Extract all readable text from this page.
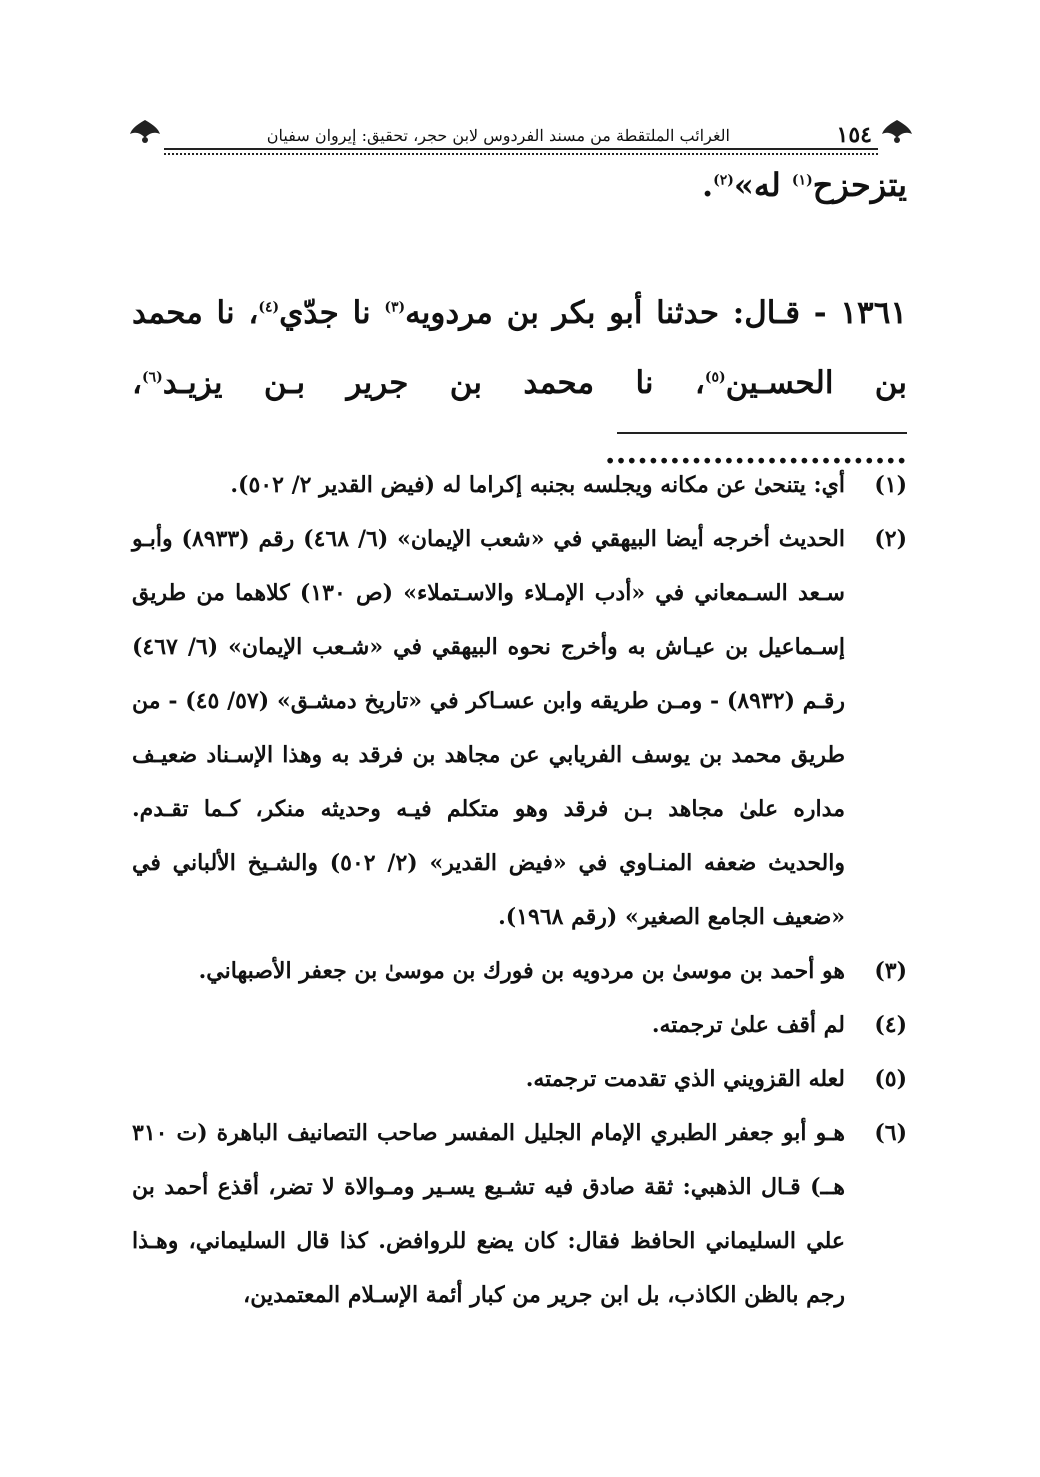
١٥٤
الغرائب الملتقطة من مسند الفردوس لابن حجر، تحقيق: إيروان سفيان
يتزحزح$^{(١)}$ له»$^{(٢)}$.
١٣٦١ - قـال: حدثنا أبو بكر بن مردويه$^{(٣)}$ نا جدّي$^{(٤)}$، نا محمد بن الحسـين$^{(٥)}$، نا محمد بن جرير بـن يزيـد$^{(٦)}$، ............................
(١)
أي: يتنحىٰ عن مكانه ويجلسه بجنبه إكراما له (فيض القدير ٢/ ٥٠٢).
(٢)
الحديث أخرجه أيضا البيهقي في «شعب الإيمان» (٦/ ٤٦٨) رقم (٨٩٣٣) وأبـو سـعد السـمعاني في «أدب الإمـلاء والاسـتملاء» (ص ١٣٠) كلاهما من طريق إسـماعيل بن عيـاش به وأخرج نحوه البيهقي في «شـعب الإيمان» (٦/ ٤٦٧) رقـم (٨٩٣٢) - ومـن طريقه وابن عسـاكر في «تاريخ دمشـق» (٥٧/ ٤٥) - من طريق محمد بن يوسف الفريابي عن مجاهد بن فرقد به وهذا الإسـناد ضعيـف مداره علىٰ مجاهد بـن فرقد وهو متكلم فيـه وحديثه منكر، كـما تقـدم. والحديث ضعفه المنـاوي في «فيض القدير» (٢/ ٥٠٢) والشـيخ الألباني في «ضعيف الجامع الصغير» (رقم ١٩٦٨).
(٣)
هو أحمد بن موسىٰ بن مردويه بن فورك بن موسىٰ بن جعفر الأصبهاني.
(٤)
لم أقف علىٰ ترجمته.
(٥)
لعله القزويني الذي تقدمت ترجمته.
(٦)
هـو أبو جعفر الطبري الإمام الجليل المفسر صاحب التصانيف الباهرة (ت ٣١٠ هــ) قـال الذهبي: ثقة صادق فيه تشـيع يسـير ومـوالاة لا تضر، أقذع أحمد بن علي السليماني الحافظ فقال: كان يضع للروافض. كذا قال السليماني، وهـذا رجم بالظن الكاذب، بل ابن جرير من كبار أئمة الإسـلام المعتمدين،
